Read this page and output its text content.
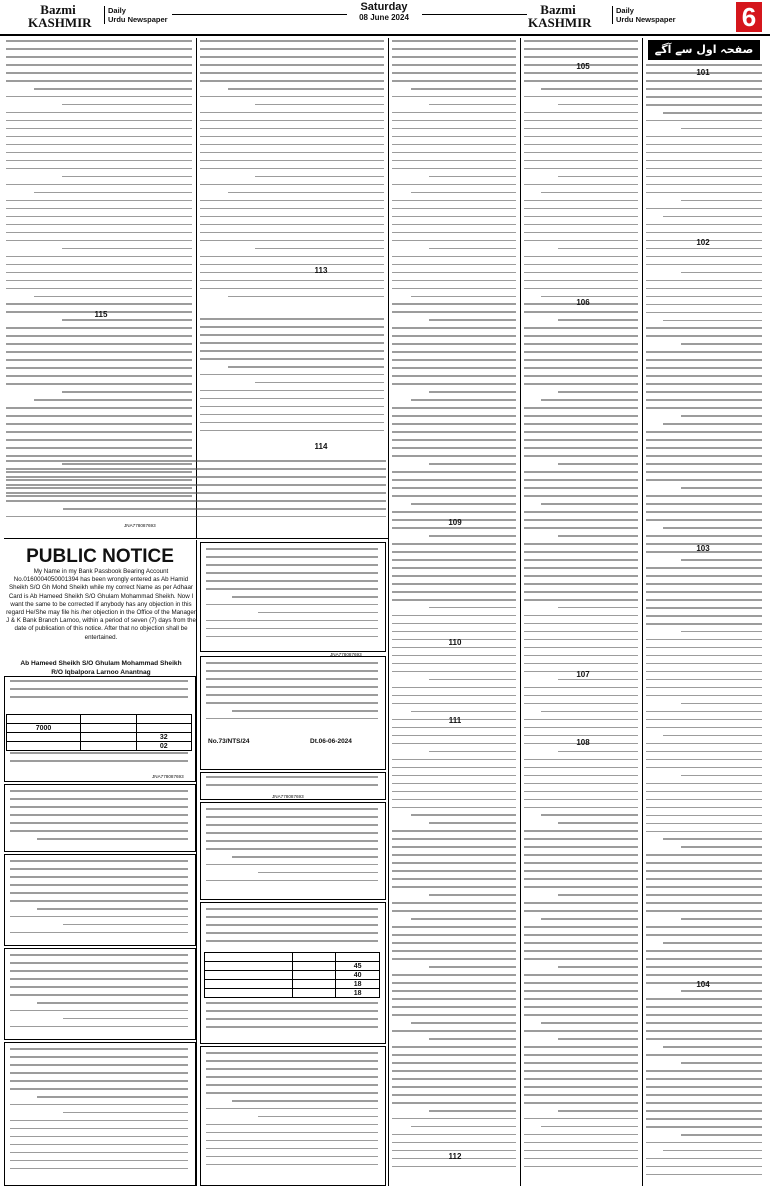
Bazmi
KASHMIR
Daily
Urdu Newspaper
Saturday
08 June 2024
Bazmi
KASHMIR
Daily
Urdu Newspaper	6
صفحہ اول سے آگے
101
102
103
104
105
106
107
108
109
110
111
112
113
114
115
JNA778087693
JNA778087693
JNA778087693
JNA778087693
PUBLIC NOTICE
My Name in my Bank Passbook Bearing Account No.0160004050001394 has been wrongly entered as Ab Hamid Sheikh S/O Gh Mohd Sheikh while my correct Name as per Adhaar Card is Ab Hameed Sheikh S/O Ghulam Mohammad Sheikh. Now I want the same to be corrected If anybody has any objection in this regard He/She may file his /her objection in the Office of the Manager J & K Bank Branch Larnoo, within a period of seven (7) days from the date of publication of this notice. After that no objection shall be entertained.
Ab Hameed Sheikh S/O Ghulam Mohammad Sheikh
R/O Iqbalpora Larnoo Anantnag

7000		
		32
		02
No.73/NTS/24	Dt.06-06-2024

		45
		40
		18
		18
